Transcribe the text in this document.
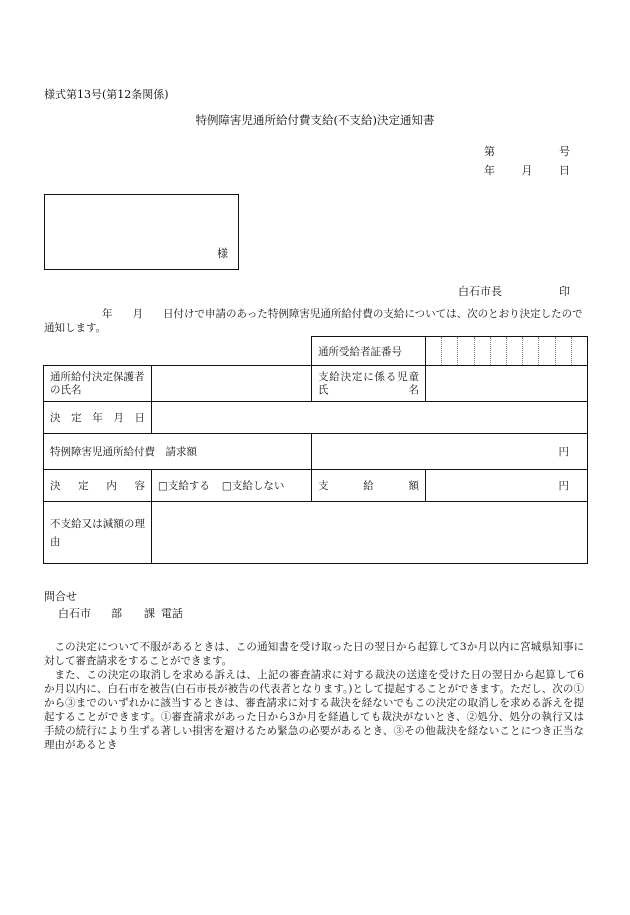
様式第13号(第12条関係)
特例障害児通所給付費支給(不支給)決定通知書
第	号
年 月 日
様
白石市長	印
年 月 日付けで申請のあった特例障害児通所給付費の支給については、次のとおり決定したので通知します。
		通所受給者証番号	

通所給付決定保護者の氏名		支給決定に係る児童氏名	
決定年月日			
特例障害児通所給付費　請求額		円	
決定内容	□支給する □支給しない	支給額	円
不支給又は減額の理由			
問合せ
白石市 部 課 電話

この決定について不服があるときは、この通知書を受け取った日の翌日から起算して3か月以内に宮城県知事に対して審査請求をすることができます。

また、この決定の取消しを求める訴えは、上記の審査請求に対する裁決の送達を受けた日の翌日から起算して6か月以内に、白石市を被告(白石市長が被告の代表者となります。)として提起することができます。ただし、次の①から③までのいずれかに該当するときは、審査請求に対する裁決を経ないでもこの決定の取消しを求める訴えを提起することができます。①審査請求があった日から3か月を経過しても裁決がないとき、②処分、処分の執行又は手続の続行により生ずる著しい損害を避けるため緊急の必要があるとき、③その他裁決を経ないことにつき正当な理由があるとき
